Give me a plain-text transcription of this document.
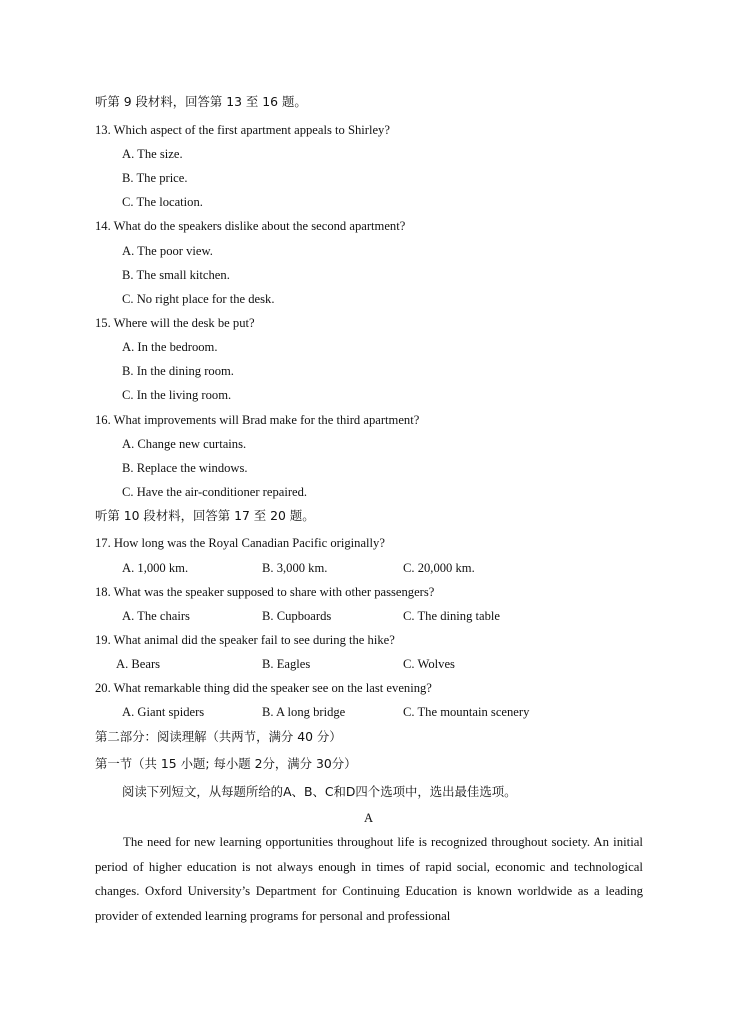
听第 9 段材料，回答第 13 至 16 题。
13. Which aspect of the first apartment appeals to Shirley?
A. The size.
B. The price.
C. The location.
14. What do the speakers dislike about the second apartment?
A. The poor view.
B. The small kitchen.
C. No right place for the desk.
15. Where will the desk be put?
A. In the bedroom.
B. In the dining room.
C. In the living room.
16. What improvements will Brad make for the third apartment?
A. Change new curtains.
B. Replace the windows.
C. Have the air-conditioner repaired.
听第 10 段材料，回答第 17 至 20 题。
17. How long was the Royal Canadian Pacific originally?
A. 1,000 km.	B. 3,000 km.	C. 20,000 km.
18. What was the speaker supposed to share with other passengers?
A. The chairs	B. Cupboards	C. The dining table
19. What animal did the speaker fail to see during the hike?
A. Bears	B. Eagles	C. Wolves
20. What remarkable thing did the speaker see on the last evening?
A. Giant spiders	B. A long bridge	C. The mountain scenery
第二部分：阅读理解（共两节，满分 40 分）
第一节（共 15 小题; 每小题 2分，满分 30分）
阅读下列短文，从每题所给的A、B、C和D四个选项中，选出最佳选项。
A
The need for new learning opportunities throughout life is recognized throughout society. An initial period of higher education is not always enough in times of rapid social, economic and technological changes. Oxford University’s Department for Continuing Education is known worldwide as a leading provider of extended learning programs for personal and professional
